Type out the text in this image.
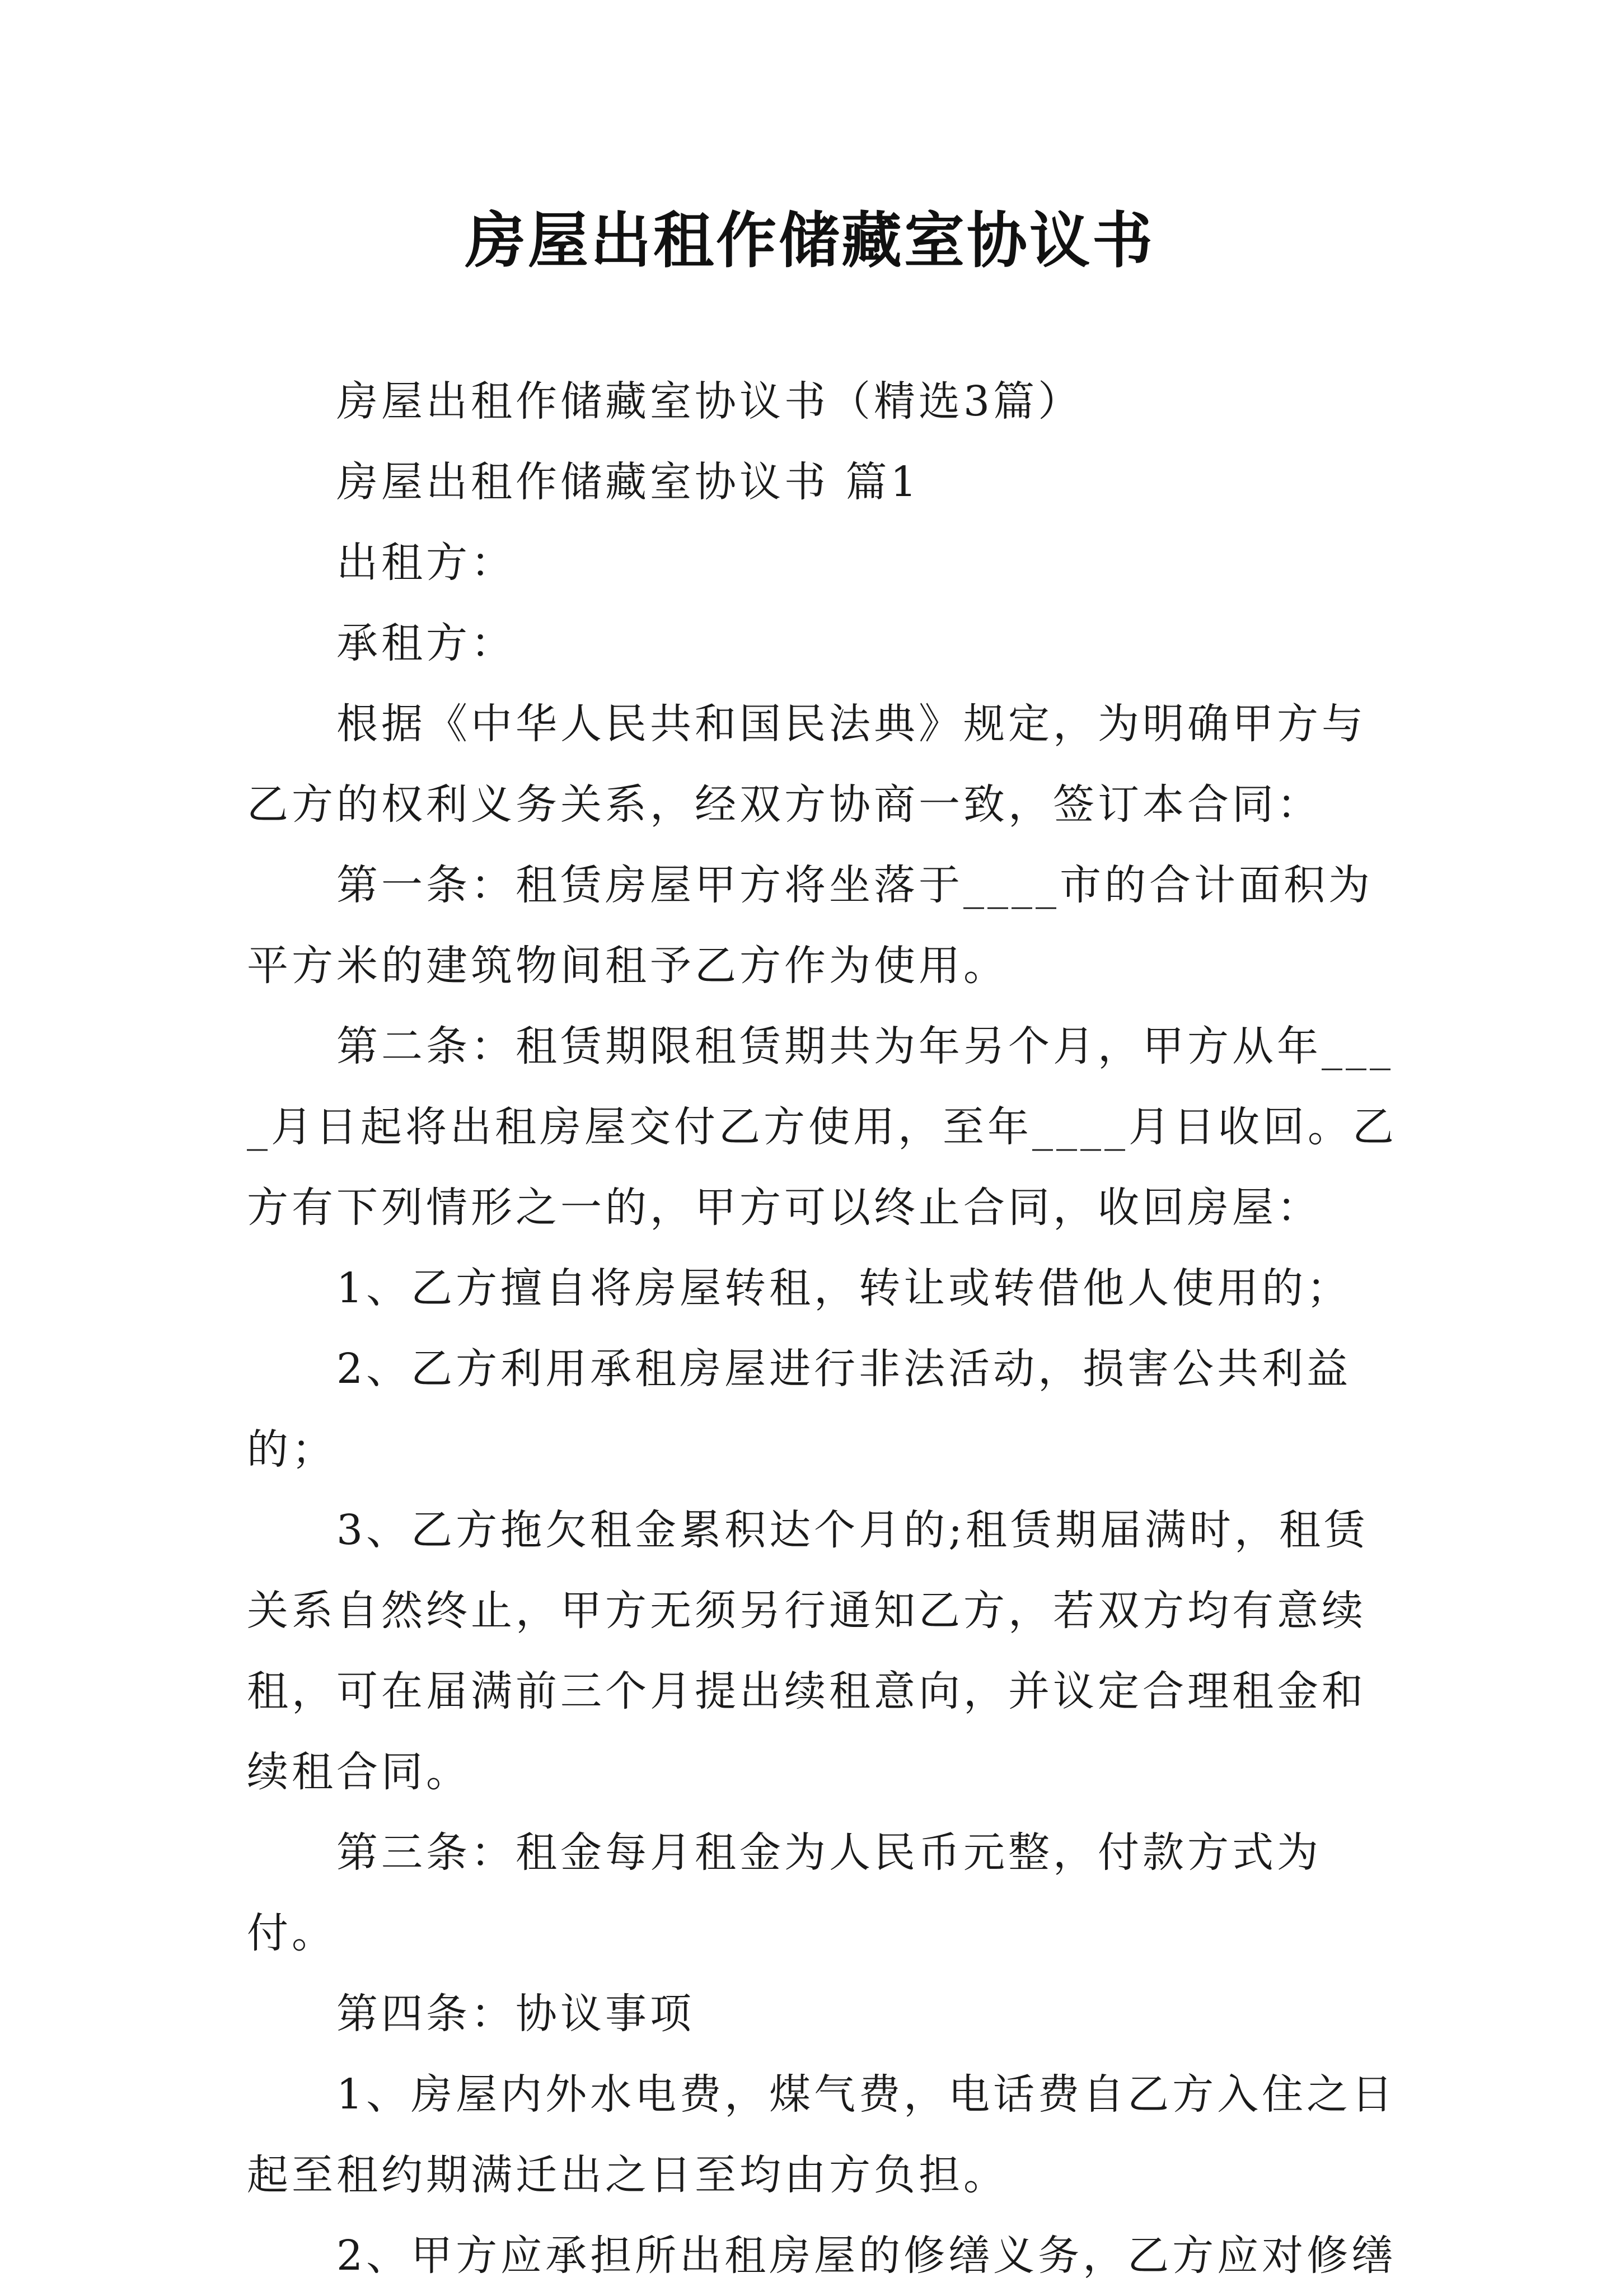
房屋出租作储藏室协议书

房屋出租作储藏室协议书（精选3篇）

房屋出租作储藏室协议书 篇1

出租方：

承租方：

根据《中华人民共和国民法典》规定，为明确甲方与乙方的权利义务关系，经双方协商一致，签订本合同：

第一条：租赁房屋甲方将坐落于____市的合计面积为平方米的建筑物间租予乙方作为使用。

第二条：租赁期限租赁期共为年另个月，甲方从年____月日起将出租房屋交付乙方使用，至年____月日收回。乙方有下列情形之一的，甲方可以终止合同，收回房屋：

1、乙方擅自将房屋转租，转让或转借他人使用的；

2、乙方利用承租房屋进行非法活动，损害公共利益的；

3、乙方拖欠租金累积达个月的;租赁期届满时，租赁关系自然终止，甲方无须另行通知乙方，若双方均有意续租，可在届满前三个月提出续租意向，并议定合理租金和续租合同。

第三条：租金每月租金为人民币元整，付款方式为付。

第四条：协议事项

1、房屋内外水电费，煤气费，电话费自乙方入住之日起至租约期满迁出之日至均由方负担。

2、甲方应承担所出租房屋的修缮义务，乙方应对修缮
